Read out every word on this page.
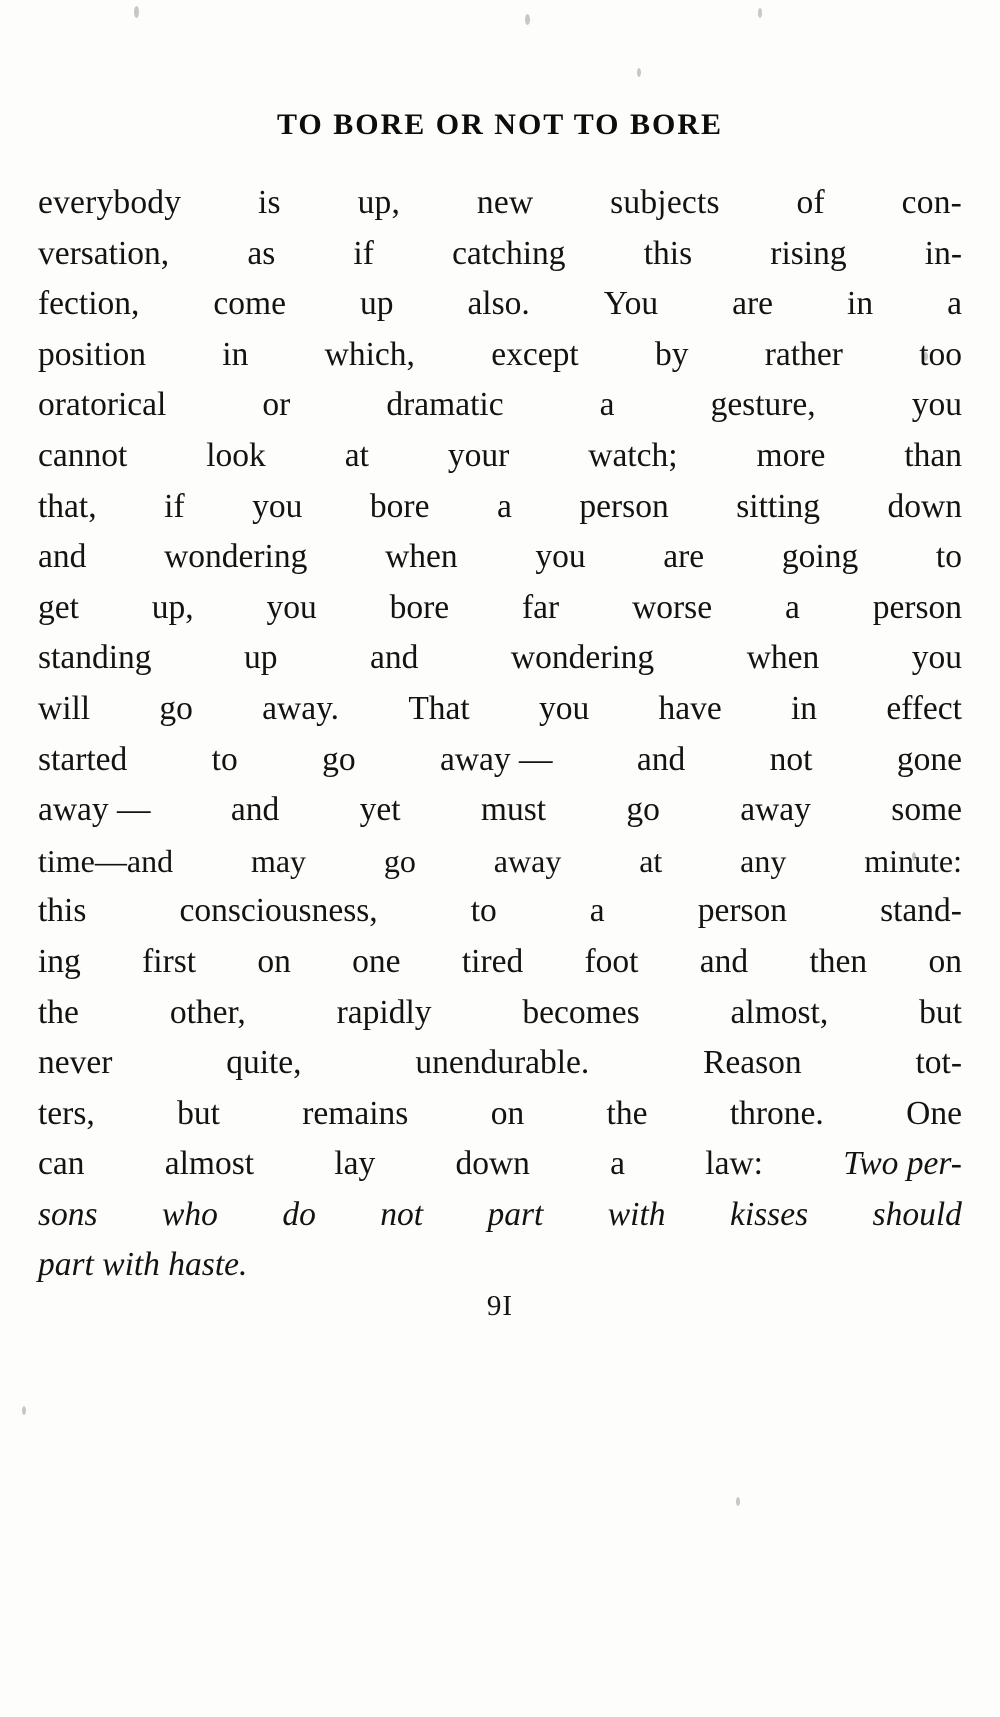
TO BORE OR NOT TO BORE
everybody is up, new subjects of con-
versation, as if catching this rising in-
fection, come up also. You are in a
position in which, except by rather too
oratorical	or	dramatic	a	gesture,	you
cannot look at your watch; more than
that, if you bore a person sitting down
and wondering when you are going to
get up, you bore far worse a person
standing	up	and	wondering	when	you
will go away. That you have in effect
started	to	go	away —	and	not	gone
away — and yet must go away some
time—and may go away at any minute:
this	consciousness,	to	a	person	stand-
ing first on one tired foot and then on
the	other,	rapidly	becomes	almost,	but
never	quite,	unendurable.	Reason	tot-
ters, but remains on the throne. One
can almost lay down a law: Two per-
sons who do not part with kisses should
part with haste.
9I
